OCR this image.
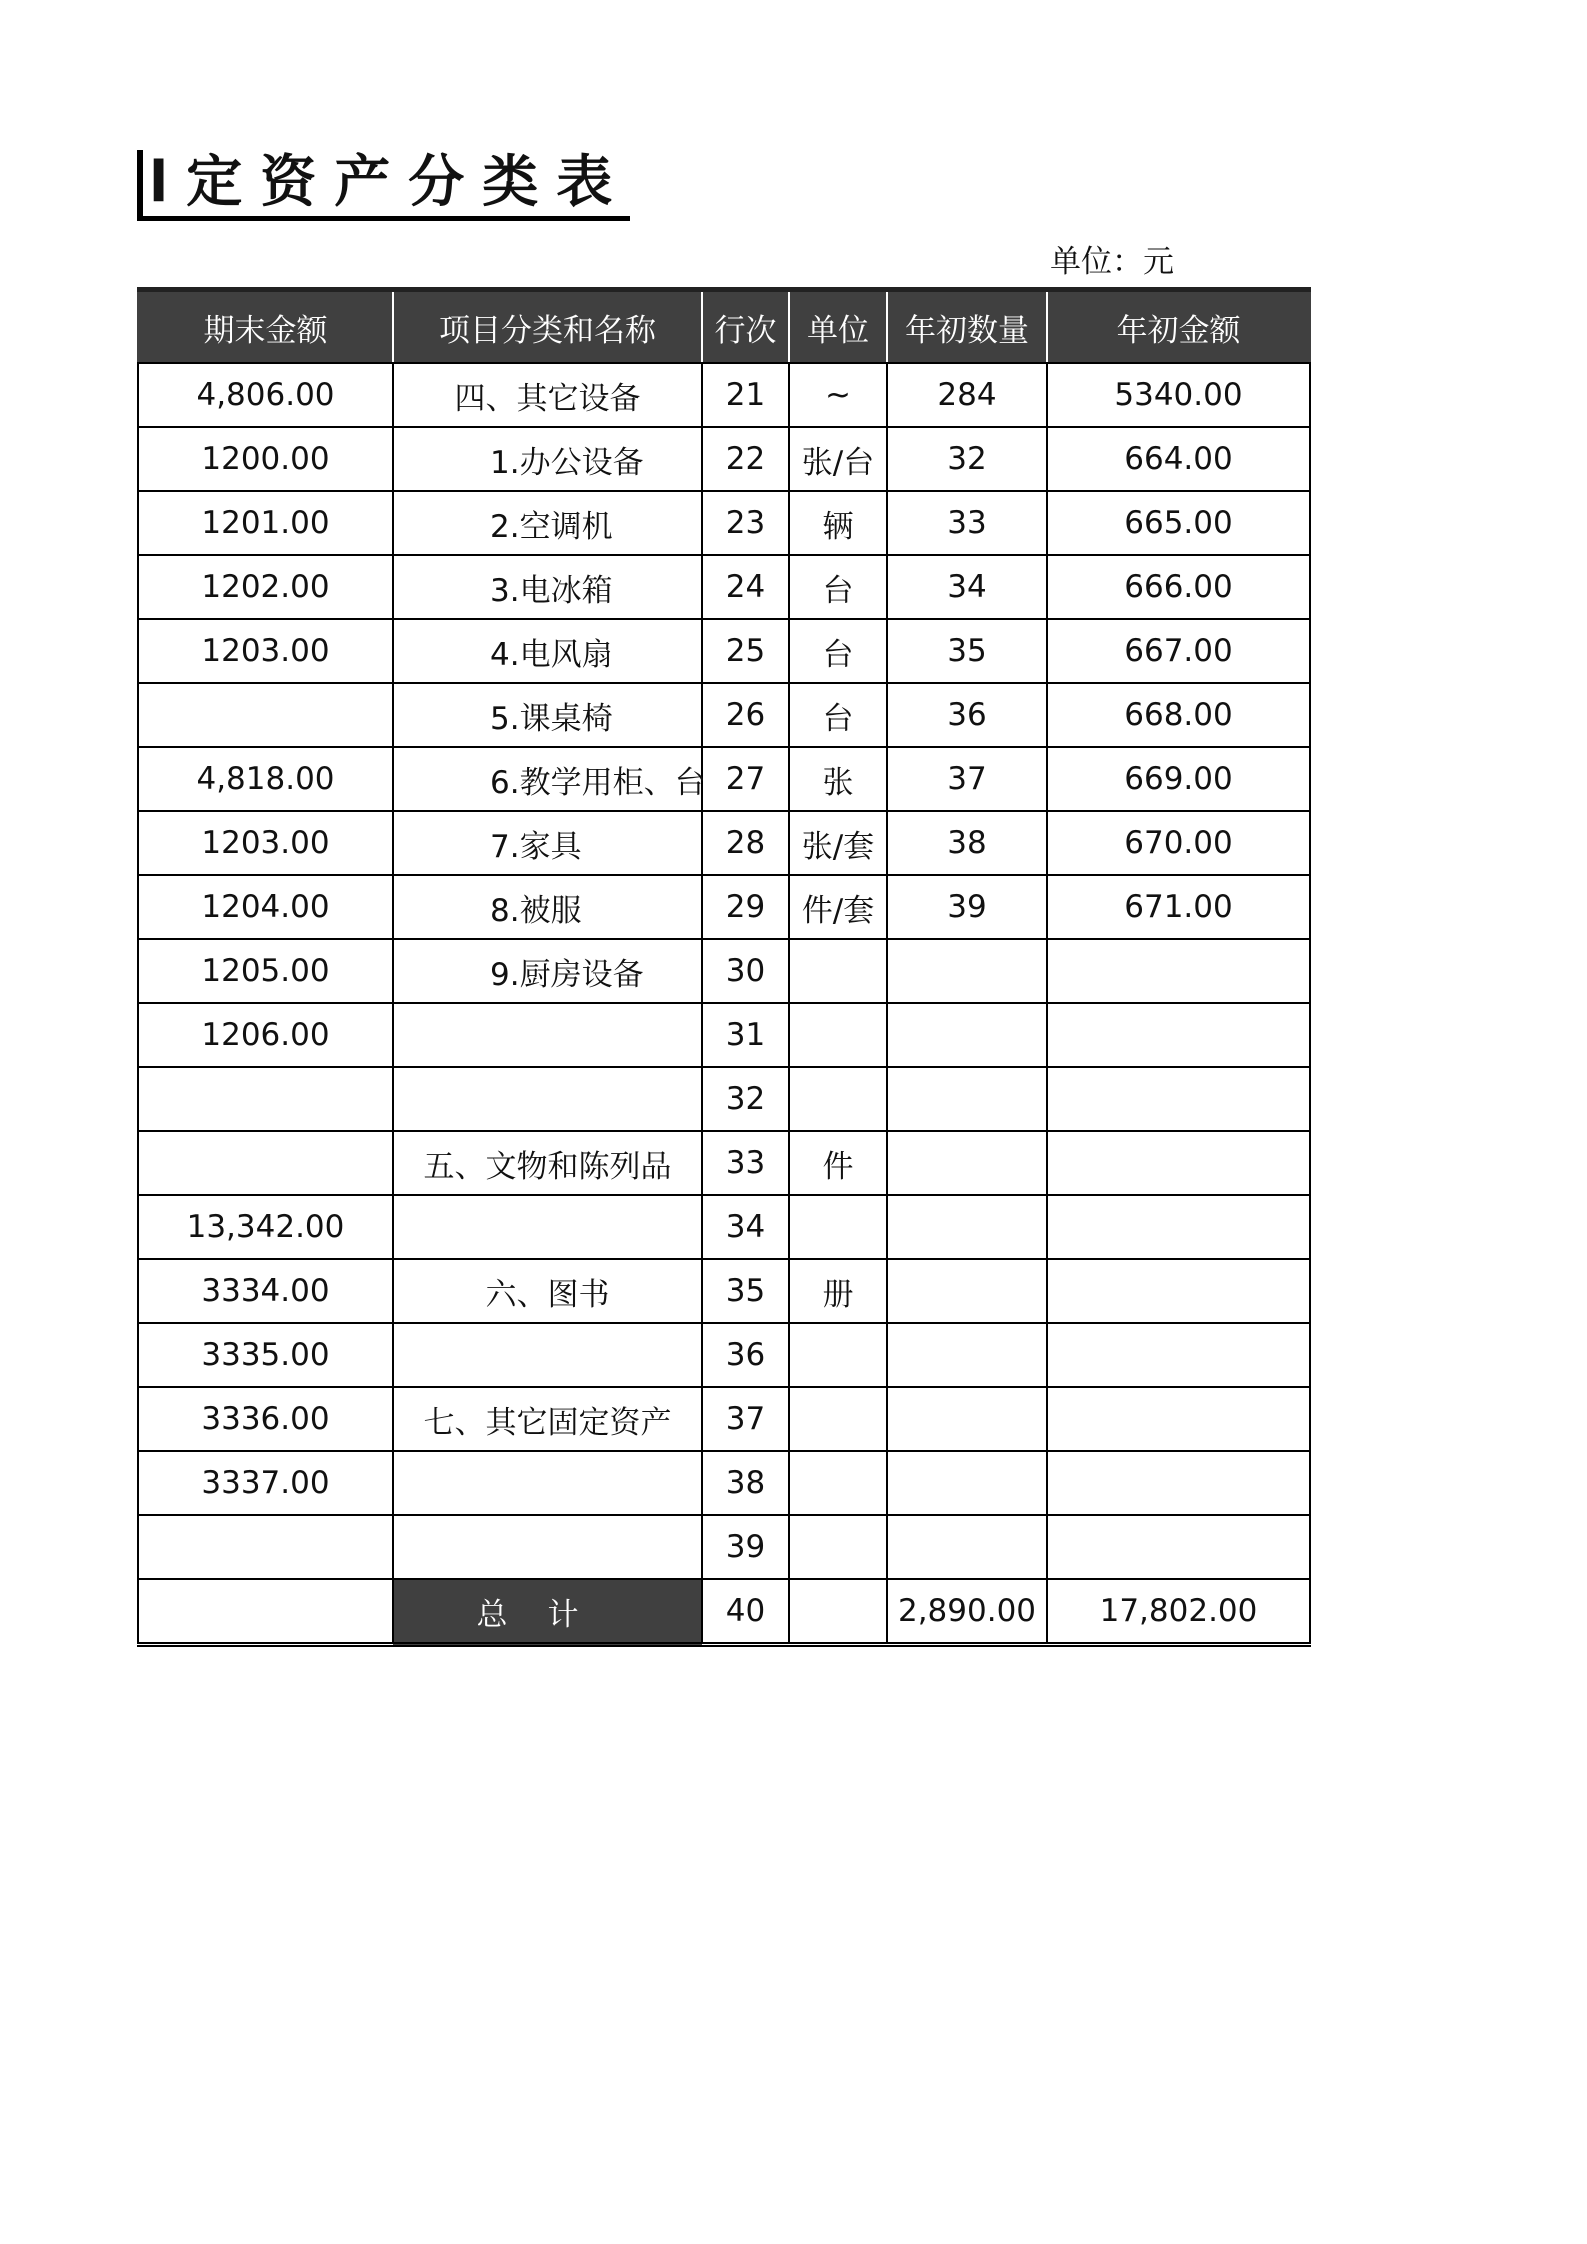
l定资产分类表
单位：元
期末金额	项目分类和名称	行次	单位	年初数量	年初金额
4,806.00	四、其它设备	21	~	284	5340.00
1200.00	1.办公设备	22	张/台	32	664.00
1201.00	2.空调机	23	辆	33	665.00
1202.00	3.电冰箱	24	台	34	666.00
1203.00	4.电风扇	25	台	35	667.00
	5.课桌椅	26	台	36	668.00
4,818.00	6.教学用柜、台	27	张	37	669.00
1203.00	7.家具	28	张/套	38	670.00
1204.00	8.被服	29	件/套	39	671.00
1205.00	9.厨房设备	30			
1206.00		31			
		32			
	五、文物和陈列品	33	件		
13,342.00		34			
3334.00	六、图书	35	册		
3335.00		36			
3336.00	七、其它固定资产	37			
3337.00		38			
		39			
	总计	40		2,890.00	17,802.00
